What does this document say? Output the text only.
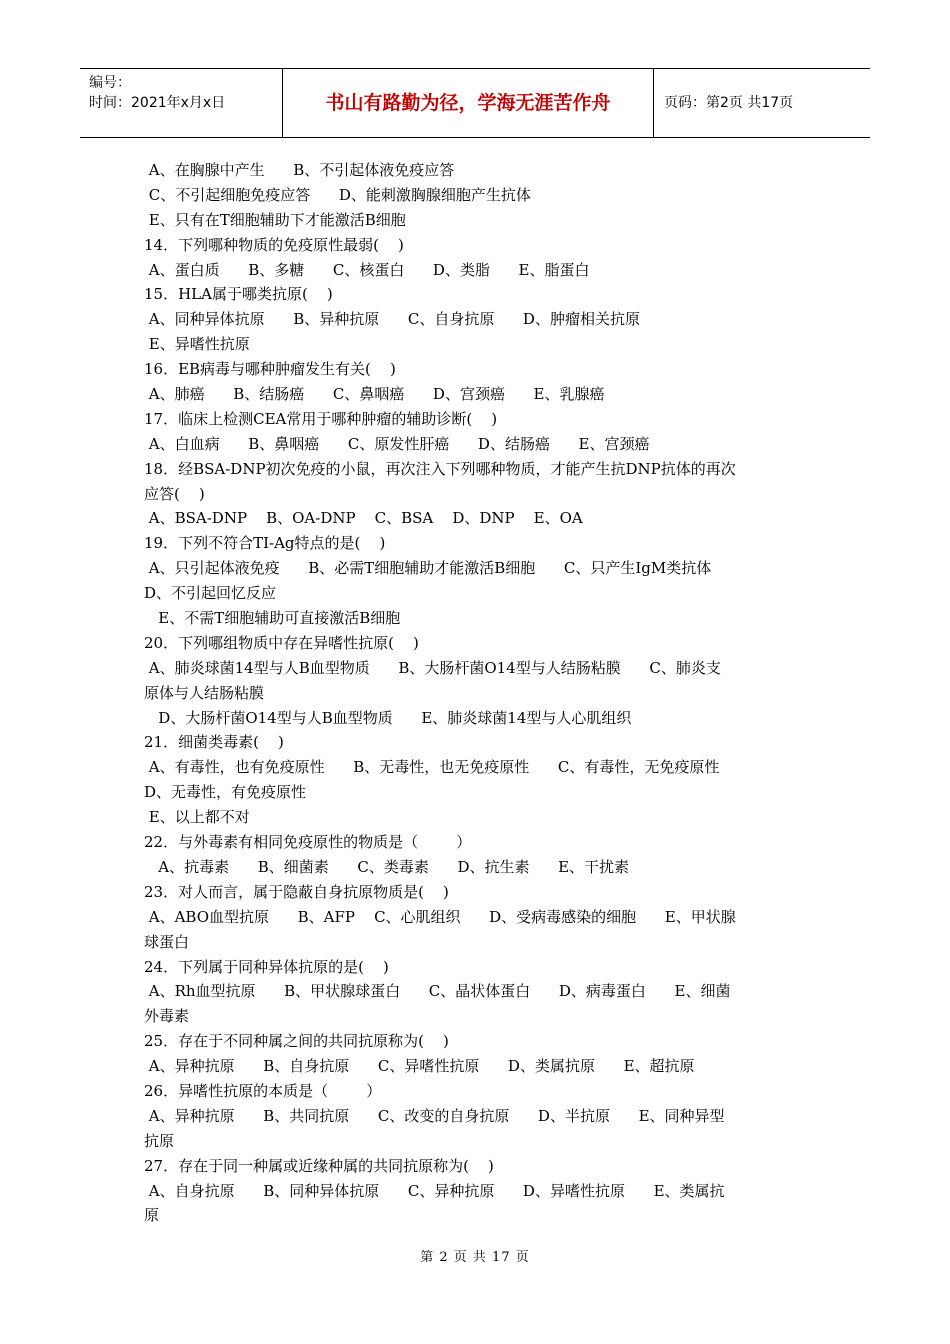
编号：
时间：2021年x月x日	书山有路勤为径，学海无涯苦作舟	页码：第2页 共17页
A、在胸腺中产生      B、不引起体液免疫应答
C、不引起细胞免疫应答      D、能刺激胸腺细胞产生抗体
E、只有在T细胞辅助下才能激活B细胞
14．下列哪种物质的免疫原性最弱(    )
A、蛋白质      B、多糖      C、核蛋白      D、类脂      E、脂蛋白
15．HLA属于哪类抗原(    )
A、同种异体抗原      B、异种抗原      C、自身抗原      D、肿瘤相关抗原
E、异嗜性抗原
16．EB病毒与哪种肿瘤发生有关(    )
A、肺癌      B、结肠癌      C、鼻咽癌      D、宫颈癌      E、乳腺癌
17．临床上检测CEA常用于哪种肿瘤的辅助诊断(    )
A、白血病      B、鼻咽癌      C、原发性肝癌      D、结肠癌      E、宫颈癌
18．经BSA-DNP初次免疫的小鼠，再次注入下列哪种物质，才能产生抗DNP抗体的再次
应答(    )
A、BSA-DNP    B、OA-DNP    C、BSA    D、DNP    E、OA
19．下列不符合TI-Ag特点的是(    )
A、只引起体液免疫      B、必需T细胞辅助才能激活B细胞      C、只产生IgM类抗体
D、不引起回忆反应
E、不需T细胞辅助可直接激活B细胞
20．下列哪组物质中存在异嗜性抗原(    )
A、肺炎球菌14型与人B血型物质      B、大肠杆菌O14型与人结肠粘膜      C、肺炎支
原体与人结肠粘膜
D、大肠杆菌O14型与人B血型物质      E、肺炎球菌14型与人心肌组织
21．细菌类毒素(    )
A、有毒性，也有免疫原性      B、无毒性，也无免疫原性      C、有毒性，无免疫原性
D、无毒性，有免疫原性
E、以上都不对
22．与外毒素有相同免疫原性的物质是（        ）
A、抗毒素      B、细菌素      C、类毒素      D、抗生素      E、干扰素
23．对人而言，属于隐蔽自身抗原物质是(    )
A、ABO血型抗原      B、AFP    C、心肌组织      D、受病毒感染的细胞      E、甲状腺
球蛋白
24．下列属于同种异体抗原的是(    )
A、Rh血型抗原      B、甲状腺球蛋白      C、晶状体蛋白      D、病毒蛋白      E、细菌
外毒素
25．存在于不同种属之间的共同抗原称为(    )
A、异种抗原      B、自身抗原      C、异嗜性抗原      D、类属抗原      E、超抗原
26．异嗜性抗原的本质是（        ）
A、异种抗原      B、共同抗原      C、改变的自身抗原      D、半抗原      E、同种异型
抗原
27．存在于同一种属或近缘种属的共同抗原称为(    )
A、自身抗原      B、同种异体抗原      C、异种抗原      D、异嗜性抗原      E、类属抗
原
第 2 页 共 17 页
